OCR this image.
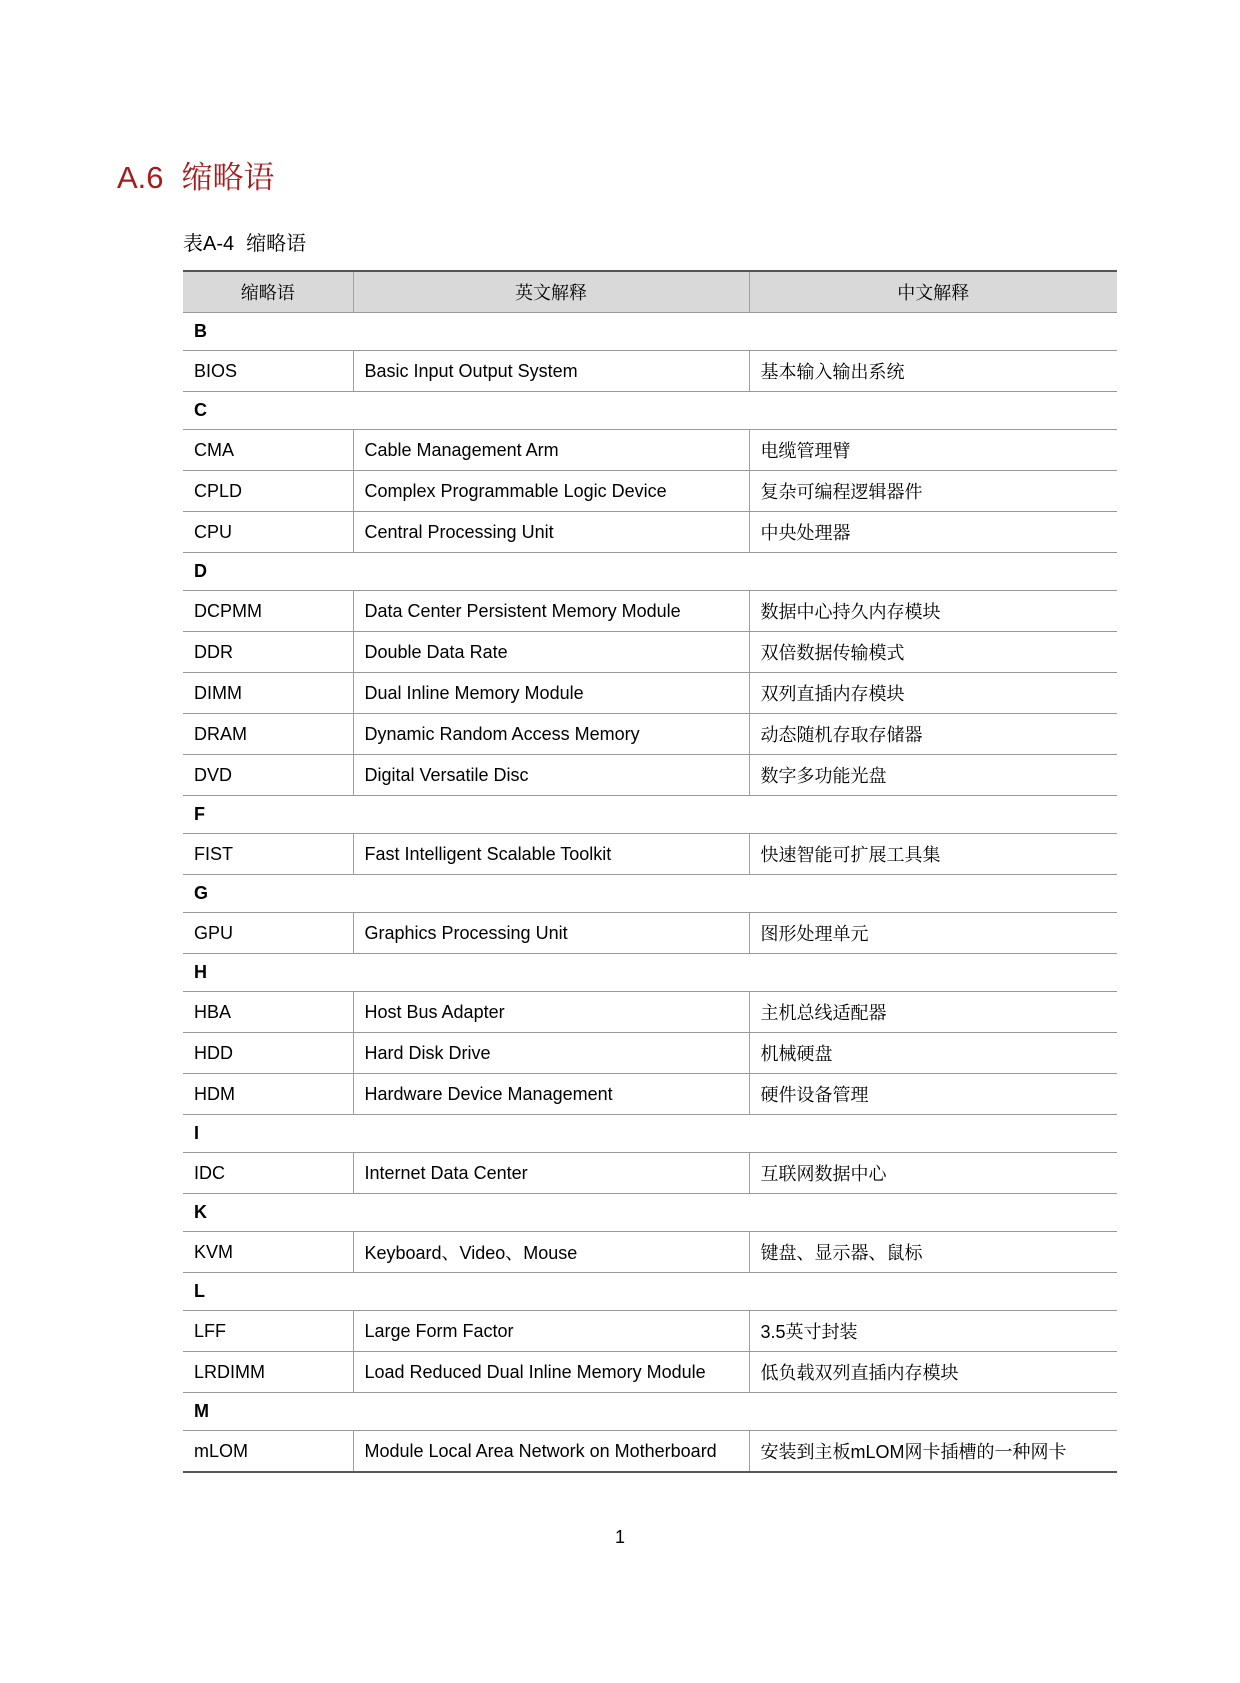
A.6 缩略语

表A-4 缩略语

缩略语	英文解释	中文解释
B		
BIOS	Basic Input Output System	基本输入输出系统
C		
CMA	Cable Management Arm	电缆管理臂
CPLD	Complex Programmable Logic Device	复杂可编程逻辑器件
CPU	Central Processing Unit	中央处理器
D		
DCPMM	Data Center Persistent Memory Module	数据中心持久内存模块
DDR	Double Data Rate	双倍数据传输模式
DIMM	Dual Inline Memory Module	双列直插内存模块
DRAM	Dynamic Random Access Memory	动态随机存取存储器
DVD	Digital Versatile Disc	数字多功能光盘
F		
FIST	Fast Intelligent Scalable Toolkit	快速智能可扩展工具集
G		
GPU	Graphics Processing Unit	图形处理单元
H		
HBA	Host Bus Adapter	主机总线适配器
HDD	Hard Disk Drive	机械硬盘
HDM	Hardware Device Management	硬件设备管理
I		
IDC	Internet Data Center	互联网数据中心
K		
KVM	Keyboard、Video、Mouse	键盘、显示器、鼠标
L		
LFF	Large Form Factor	3.5英寸封装
LRDIMM	Load Reduced Dual Inline Memory Module	低负载双列直插内存模块
M		
mLOM	Module Local Area Network on Motherboard	安装到主板mLOM网卡插槽的一种网卡

1
